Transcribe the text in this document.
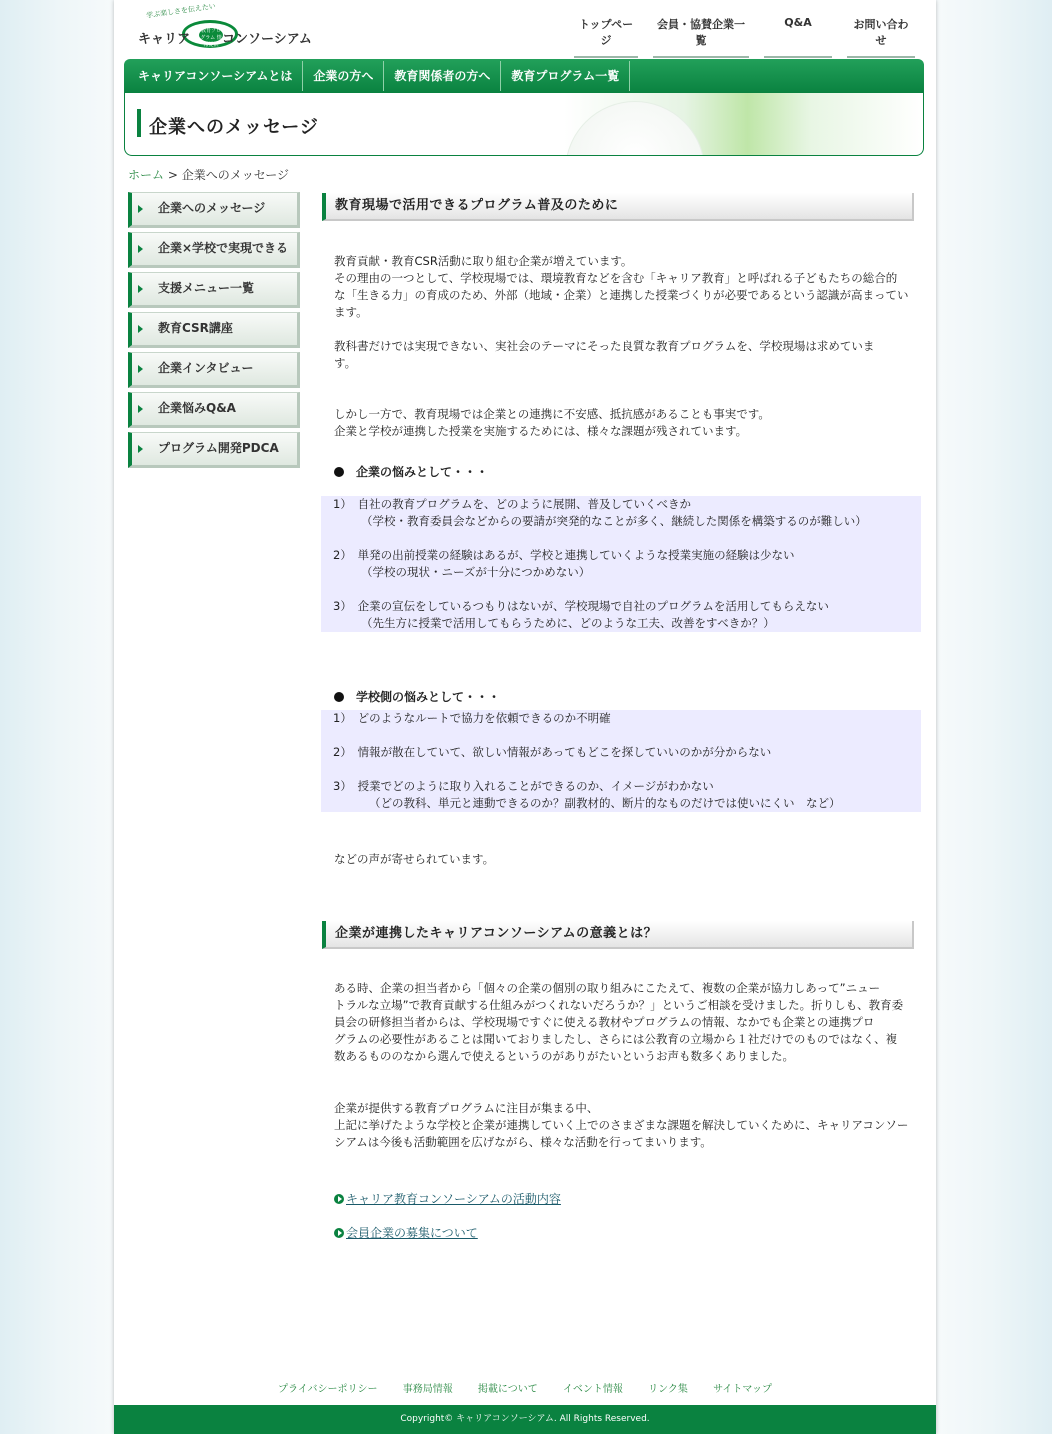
学ぶ楽しさを伝えたい
教育プログラム 情報提供
キャリア コンソーシアム
トップページ
会員・協賛企業一覧
Q&A	お問い合わせ
キャリアコンソーシアムとは	企業の方へ	教育関係者の方へ	教育プログラム一覧
企業へのメッセージ
ホーム > 企業へのメッセージ
企業へのメッセージ
企業×学校で実現できる
支援メニュー一覧
教育CSR講座
企業インタビュー
企業悩みQ&A
プログラム開発PDCA
教育現場で活用できるプログラム普及のために
教育貢献・教育CSR活動に取り組む企業が増えています。
その理由の一つとして、学校現場では、環境教育などを含む「キャリア教育」と呼ばれる子どもたちの総合的
な「生きる力」の育成のため、外部（地域・企業）と連携した授業づくりが必要であるという認識が高まってい
ます。
教科書だけでは実現できない、実社会のテーマにそった良質な教育プログラムを、学校現場は求めていま
す。
しかし一方で、教育現場では企業との連携に不安感、抵抗感があることも事実です。
企業と学校が連携した授業を実施するためには、様々な課題が残されています。
企業の悩みとして・・・
1）　自社の教育プログラムを、どのように展開、普及していくべきか
（学校・教育委員会などからの要請が突発的なことが多く、継続した関係を構築するのが難しい）
2）　単発の出前授業の経験はあるが、学校と連携していくような授業実施の経験は少ない
（学校の現状・ニーズが十分につかめない）
3）　企業の宣伝をしているつもりはないが、学校現場で自社のプログラムを活用してもらえない
（先生方に授業で活用してもらうために、どのような工夫、改善をすべきか？）
学校側の悩みとして・・・
1）　どのようなルートで協力を依頼できるのか不明確
2）　情報が散在していて、欲しい情報があってもどこを探していいのかが分からない
3）　授業でどのように取り入れることができるのか、イメージがわかない
（どの教科、単元と連動できるのか？副教材的、断片的なものだけでは使いにくい　など）
などの声が寄せられています。
企業が連携したキャリアコンソーシアムの意義とは？
ある時、企業の担当者から「個々の企業の個別の取り組みにこたえて、複数の企業が協力しあって”ニュー
トラルな立場”で教育貢献する仕組みがつくれないだろうか？」というご相談を受けました。折りしも、教育委
員会の研修担当者からは、学校現場ですぐに使える教材やプログラムの情報、なかでも企業との連携プロ
グラムの必要性があることは聞いておりましたし、さらには公教育の立場から１社だけでのものではなく、複
数あるもののなから選んで使えるというのがありがたいというお声も数多くありました。
企業が提供する教育プログラムに注目が集まる中、
上記に挙げたような学校と企業が連携していく上でのさまざまな課題を解決していくために、キャリアコンソー
シアムは今後も活動範囲を広げながら、様々な活動を行ってまいります。
キャリア教育コンソーシアムの活動内容
会員企業の募集について
プライバシーポリシー	事務局情報	掲載について	イベント情報	リンク集	サイトマップ
Copyright© キャリアコンソーシアム. All Rights Reserved.
